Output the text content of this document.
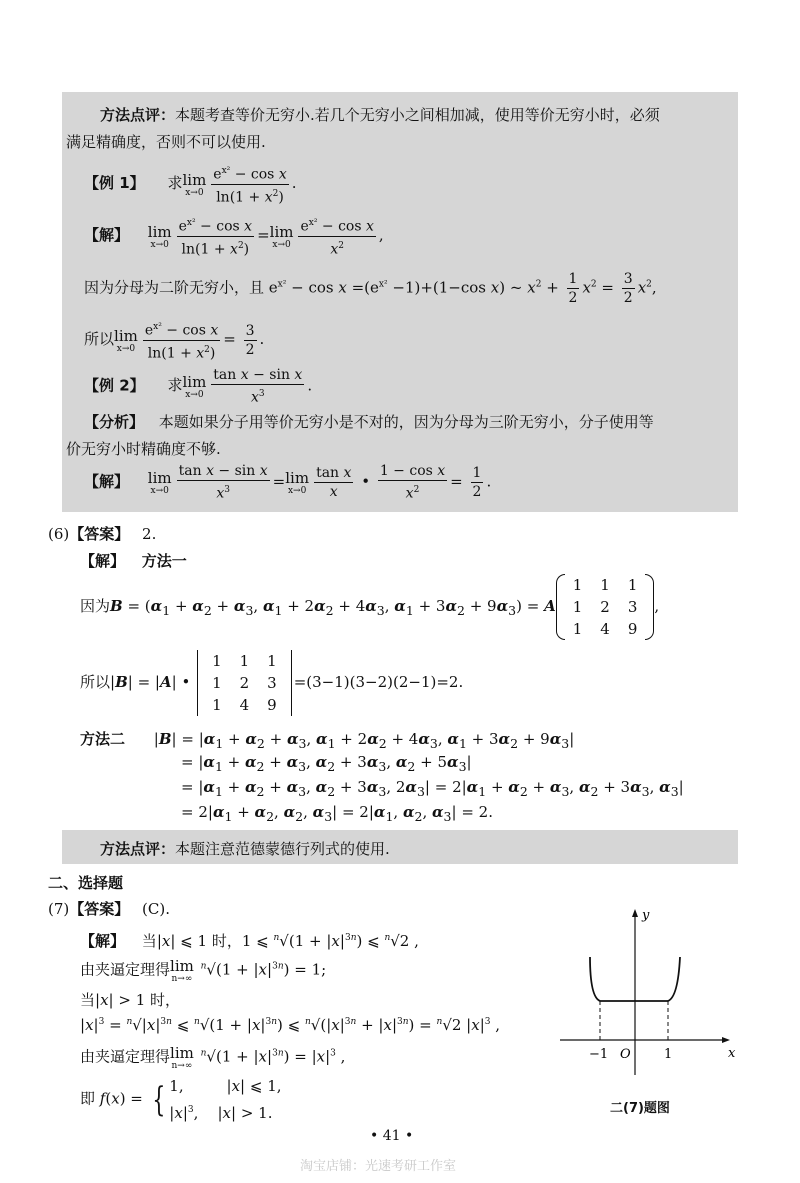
方法点评：本题考查等价无穷小.若几个无穷小之间相加减，使用等价无穷小时，必须
满足精确度，否则不可以使用.
【例 1】 求 lim
$x\to 0 \frac{e^{x^2} - \cos x}{\ln(1 + x^2)}$ .
【解】 lim
$x\to 0 \frac{e^{x^2} - \cos x}{\ln(1 + x^2)} = \lim$
$x\to 0 \frac{e^{x^2} - \cos x}{x^2}$ ,
因为分母为二阶无穷小，且 $e^{x^2} - \cos x =(e^{x^2} -1)+(1-\cos$ x) ~ $x^2 + \frac{1}{2} x^2 = \frac{3}{2} x^2$,
所以 lim
$x\to 0 \frac{e^{x^2} - \cos x}{\ln(1 + x^2)} = \frac{3}{2}$ .
【例 2】 求 lim
$x\to 0 \frac{\text{tan x − sin x}}{x^3}$ .
【分析】 本题如果分子用等价无穷小是不对的，因为分母为三阶无穷小，分子使用等
价无穷小时精确度不够.
【解】 lim
$x\to 0 \frac{\text{tan x − sin x}}{x^3} = \lim$
$x\to 0 \frac{\text{tan x}}{x}$ • $\frac{\text{1 − cos x}}{x^2} = \frac{1}{2}$ .
(6)【答案】 2.
【解】 方法一
因为$B = (\alpha_1 + \alpha_2 + \alpha_3$, $\alpha_1 + 2\alpha_2 + 4\alpha_3$, $\alpha_1 + 3\alpha_2 + 9\alpha_3) = A$
1	1	1
1	2	3
1	4	9
,
所以|B| = |A| •
1	1	1
1	2	3
1	4	9
=(3−1)(3−2)(2−1)=2.
方法二 $|B| = |\alpha_1 + \alpha_2 + \alpha_3$, $\alpha_1 + 2\alpha_2 + 4\alpha_3$, $\alpha_1 + 3\alpha_2 + 9\alpha_3|$
= $|\alpha_1 + \alpha_2 + \alpha_3$, $\alpha_2 + 3\alpha_3$, $\alpha_2 + 5\alpha_3|$
= $|\alpha_1 + \alpha_2 + \alpha_3$, $\alpha_2 + 3\alpha_3$, $2\alpha_3| = 2|\alpha_1 + \alpha_2 + \alpha_3$, $\alpha_2 + 3\alpha_3$, $\alpha_3|$
= $2|\alpha_1 + \alpha_2$, $\alpha_2$, $\alpha_3| = 2|\alpha_1$, $\alpha_2$, $\alpha_3| = 2$.
方法点评：本题注意范德蒙德行列式的使用.
二、选择题
(7)【答案】 (C).
【解】 当|x| ⩽ 1 时，1 ⩽ $^n√(1 + |x|^{3n})$ ⩽ $^n$√2 ,
由夹逼定理得 lim
n→∞
$^n√(1 + |x|^{3n}) = 1$;
当|x| > 1 时，
$|x|^3 = ^n√|x|^{3n}$ ⩽ $^n√(1 + |x|^{3n})$ ⩽ $^n√(|x|^{3n} + |x|^{3n}) = ^n√2$ $|x|^3$ ,
由夹逼定理得 lim
n→∞
$^n√(1 + |x|^{3n}) = |x|^3$ ,
即 f(x) = { 1,         |x| ⩽ 1,
$|x|^3$,    |x| > 1.
y
x
O
−1	1
二(7)题图
• 41 •
淘宝店铺：光速考研工作室
